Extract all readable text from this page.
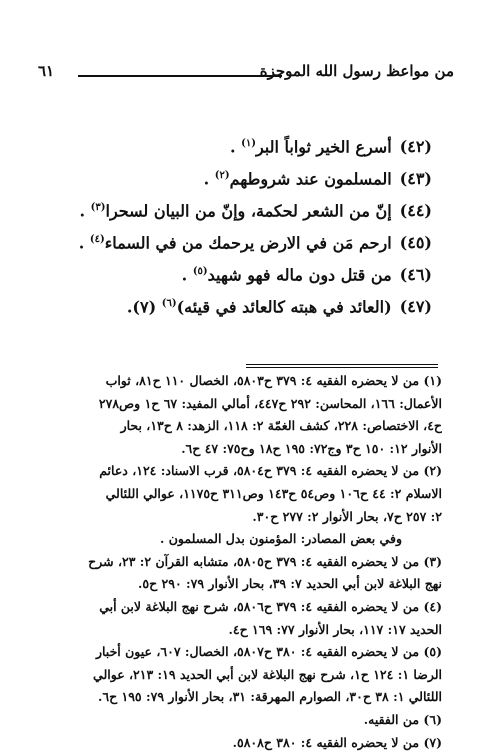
من مواعظ رسول الله الموجزة
٦١
(٤٢)أسرع الخير ثواباً البر$^{(١)}$ .
(٤٣)المسلمون عند شروطهم$^{(٢)}$ .
(٤٤)إنّ من الشعر لحكمة، وإنّ من البيان لسحرا$^{(٣)}$ .
(٤٥)ارحم مَن في الارض يرحمك من في السماء$^{(٤)}$ .
(٤٦)من قتل دون ماله فهو شهيد$^{(٥)}$ .
(٤٧)(العائد في هبته كالعائد في قيئه)$^{(٦)}$ (٧).
(١) من لا يحضره الفقيه ٤: ٣٧٩ ح٥٨٠٣، الخصال ١١٠ ح٨١، ثواب
الأعمال: ١٦٦، المحاسن: ٢٩٢ ح٤٤٧، أمالي المفيد: ٦٧ ح١ وص٢٧٨
ح٤، الاختصاص: ٢٢٨، كشف الغمّة ٢: ١١٨، الزهد: ٨ ح١٣، بحار
الأنوار ١٢: ١٥٠ ح٣ وج٧٢: ١٩٥ ح١٨ وح٧٥: ٤٧ ح٦.
(٢) من لا يحضره الفقيه ٤: ٣٧٩ ح٥٨٠٤، قرب الاسناد: ١٢٤، دعائم
الاسلام ٢: ٤٤ ح١٠٦ وص٥٤ ح١٤٣ وص٣١١ ح١١٧٥، عوالي اللئالي
٢: ٢٥٧ ح٧، بحار الأنوار ٢: ٢٧٧ ح٣٠.
وفي بعض المصادر: المؤمنون بدل المسلمون .
(٣) من لا يحضره الفقيه ٤: ٣٧٩ ح٥٨٠٥، متشابه القرآن ٢: ٢٣، شرح
نهج البلاغة لابن أبي الحديد ٧: ٣٩، بحار الأنوار ٧٩: ٢٩٠ ح٥.
(٤) من لا يحضره الفقيه ٤: ٣٧٩ ح٥٨٠٦، شرح نهج البلاغة لابن أبي
الحديد ١٧: ١١٧، بحار الأنوار ٧٧: ١٦٩ ح٤.
(٥) من لا يحضره الفقيه ٤: ٣٨٠ ح٥٨٠٧، الخصال: ٦٠٧، عيون أخبار
الرضا ١: ١٢٤ ح١، شرح نهج البلاغة لابن أبي الحديد ١٩: ٢١٣، عوالي
اللئالي ١: ٣٨ ح٣٠، الصوارم المهرقة: ٣١، بحار الأنوار ٧٩: ١٩٥ ح٦.
(٦) من الفقيه.
(٧) من لا يحضره الفقيه ٤: ٣٨٠ ح٥٨٠٨.
